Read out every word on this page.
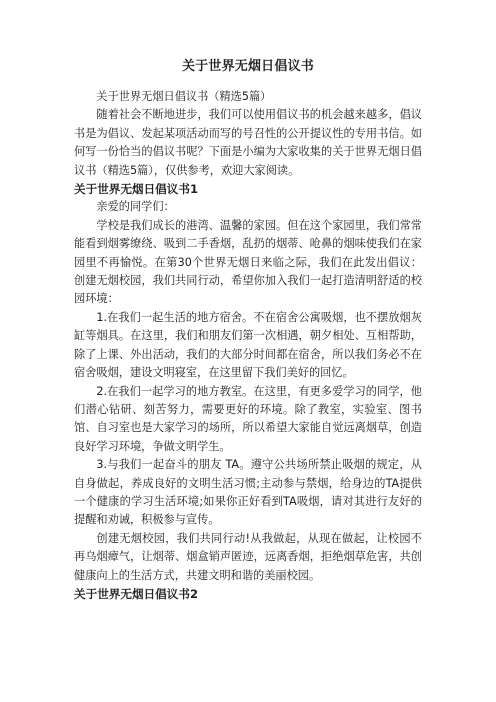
关于世界无烟日倡议书

关于世界无烟日倡议书（精选5篇）

随着社会不断地进步，我们可以使用倡议书的机会越来越多，倡议书是为倡议、发起某项活动而写的号召性的公开提议性的专用书信。如何写一份恰当的倡议书呢？下面是小编为大家收集的关于世界无烟日倡议书（精选5篇），仅供参考，欢迎大家阅读。

关于世界无烟日倡议书1

亲爱的同学们：

学校是我们成长的港湾、温馨的家园。但在这个家园里，我们常常能看到烟雾缭绕、吸到二手香烟，乱扔的烟蒂、呛鼻的烟味使我们在家园里不再愉悦。在第30个世界无烟日来临之际，我们在此发出倡议：创建无烟校园，我们共同行动，希望你加入我们一起打造清明舒适的校园环境：

1.在我们一起生活的地方宿舍。不在宿舍公寓吸烟，也不摆放烟灰缸等烟具。在这里，我们和朋友们第一次相遇，朝夕相处、互相帮助，除了上课、外出活动，我们的大部分时间都在宿舍，所以我们务必不在宿舍吸烟，建设文明寝室，在这里留下我们美好的回忆。

2.在我们一起学习的地方教室。在这里，有更多爱学习的同学，他们潜心钻研、刻苦努力，需要更好的环境。除了教室，实验室、图书馆、自习室也是大家学习的场所，所以希望大家能自觉远离烟草，创造良好学习环境，争做文明学生。

3.与我们一起奋斗的朋友 TA。遵守公共场所禁止吸烟的规定，从自身做起，养成良好的文明生活习惯;主动参与禁烟，给身边的TA提供一个健康的学习生活环境;如果你正好看到TA吸烟，请对其进行友好的提醒和劝诫，积极参与宣传。

创建无烟校园，我们共同行动!从我做起，从现在做起，让校园不再乌烟瘴气，让烟蒂、烟盒销声匿迹，远离香烟，拒绝烟草危害，共创健康向上的生活方式，共建文明和谐的美丽校园。

关于世界无烟日倡议书2
